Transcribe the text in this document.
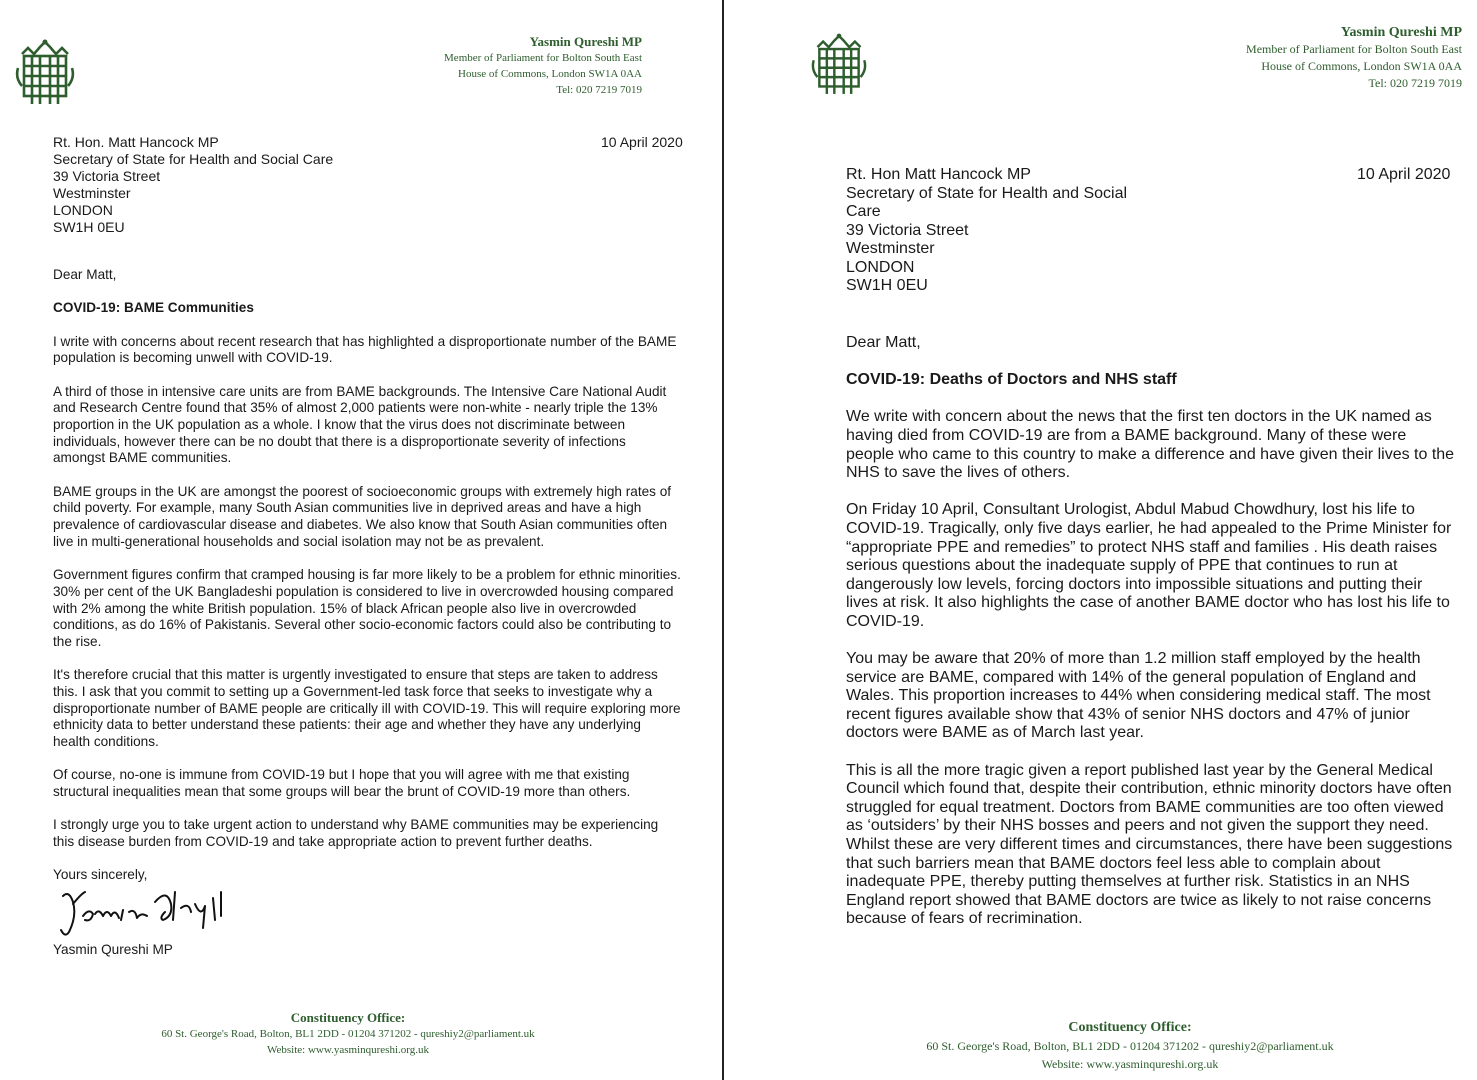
Yasmin Qureshi MP
Member of Parliament for Bolton South East
House of Commons, London SW1A 0AA
Tel: 020 7219 7019
10 April 2020
Rt. Hon. Matt Hancock MP
Secretary of State for Health and Social Care
39 Victoria Street
Westminster
LONDON
SW1H 0EU

Dear Matt,

COVID-19: BAME Communities

I write with concerns about recent research that has highlighted a disproportionate number of the BAME population is becoming unwell with COVID-19.

A third of those in intensive care units are from BAME backgrounds. The Intensive Care National Audit and Research Centre found that 35% of almost 2,000 patients were non-white - nearly triple the 13% proportion in the UK population as a whole. I know that the virus does not discriminate between individuals, however there can be no doubt that there is a disproportionate severity of infections amongst BAME communities.

BAME groups in the UK are amongst the poorest of socioeconomic groups with extremely high rates of child poverty. For example, many South Asian communities live in deprived areas and have a high prevalence of cardiovascular disease and diabetes. We also know that South Asian communities often live in multi-generational households and social isolation may not be as prevalent.

Government figures confirm that cramped housing is far more likely to be a problem for ethnic minorities. 30% per cent of the UK Bangladeshi population is considered to live in overcrowded housing compared with 2% among the white British population. 15% of black African people also live in overcrowded conditions, as do 16% of Pakistanis. Several other socio-economic factors could also be contributing to the rise.

It's therefore crucial that this matter is urgently investigated to ensure that steps are taken to address this. I ask that you commit to setting up a Government-led task force that seeks to investigate why a disproportionate number of BAME people are critically ill with COVID-19. This will require exploring more ethnicity data to better understand these patients: their age and whether they have any underlying health conditions.

Of course, no-one is immune from COVID-19 but I hope that you will agree with me that existing structural inequalities mean that some groups will bear the brunt of COVID-19 more than others.

I strongly urge you to take urgent action to understand why BAME communities may be experiencing this disease burden from COVID-19 and take appropriate action to prevent further deaths.

Yours sincerely,

Yasmin Qureshi MP

Constituency Office:
60 St. George's Road, Bolton, BL1 2DD - 01204 371202 - qureshiy2@parliament.uk
Website: www.yasminqureshi.org.uk
Yasmin Qureshi MP
Member of Parliament for Bolton South East
House of Commons, London SW1A 0AA
Tel: 020 7219 7019
10 April 2020
Rt. Hon Matt Hancock MP
Secretary of State for Health and Social
Care
39 Victoria Street
Westminster
LONDON
SW1H 0EU

Dear Matt,

COVID-19: Deaths of Doctors and NHS staff

We write with concern about the news that the first ten doctors in the UK named as having died from COVID-19 are from a BAME background. Many of these were people who came to this country to make a difference and have given their lives to the NHS to save the lives of others.

On Friday 10 April, Consultant Urologist, Abdul Mabud Chowdhury, lost his life to COVID-19. Tragically, only five days earlier, he had appealed to the Prime Minister for “appropriate PPE and remedies” to protect NHS staff and families . His death raises serious questions about the inadequate supply of PPE that continues to run at dangerously low levels, forcing doctors into impossible situations and putting their lives at risk. It also highlights the case of another BAME doctor who has lost his life to COVID-19.

You may be aware that 20% of more than 1.2 million staff employed by the health service are BAME, compared with 14% of the general population of England and Wales. This proportion increases to 44% when considering medical staff. The most recent figures available show that 43% of senior NHS doctors and 47% of junior doctors were BAME as of March last year.

This is all the more tragic given a report published last year by the General Medical Council which found that, despite their contribution, ethnic minority doctors have often struggled for equal treatment. Doctors from BAME communities are too often viewed as ‘outsiders’ by their NHS bosses and peers and not given the support they need. Whilst these are very different times and circumstances, there have been suggestions that such barriers mean that BAME doctors feel less able to complain about inadequate PPE, thereby putting themselves at further risk. Statistics in an NHS England report showed that BAME doctors are twice as likely to not raise concerns because of fears of recrimination.

Constituency Office:
60 St. George's Road, Bolton, BL1 2DD - 01204 371202 - qureshiy2@parliament.uk
Website: www.yasminqureshi.org.uk
